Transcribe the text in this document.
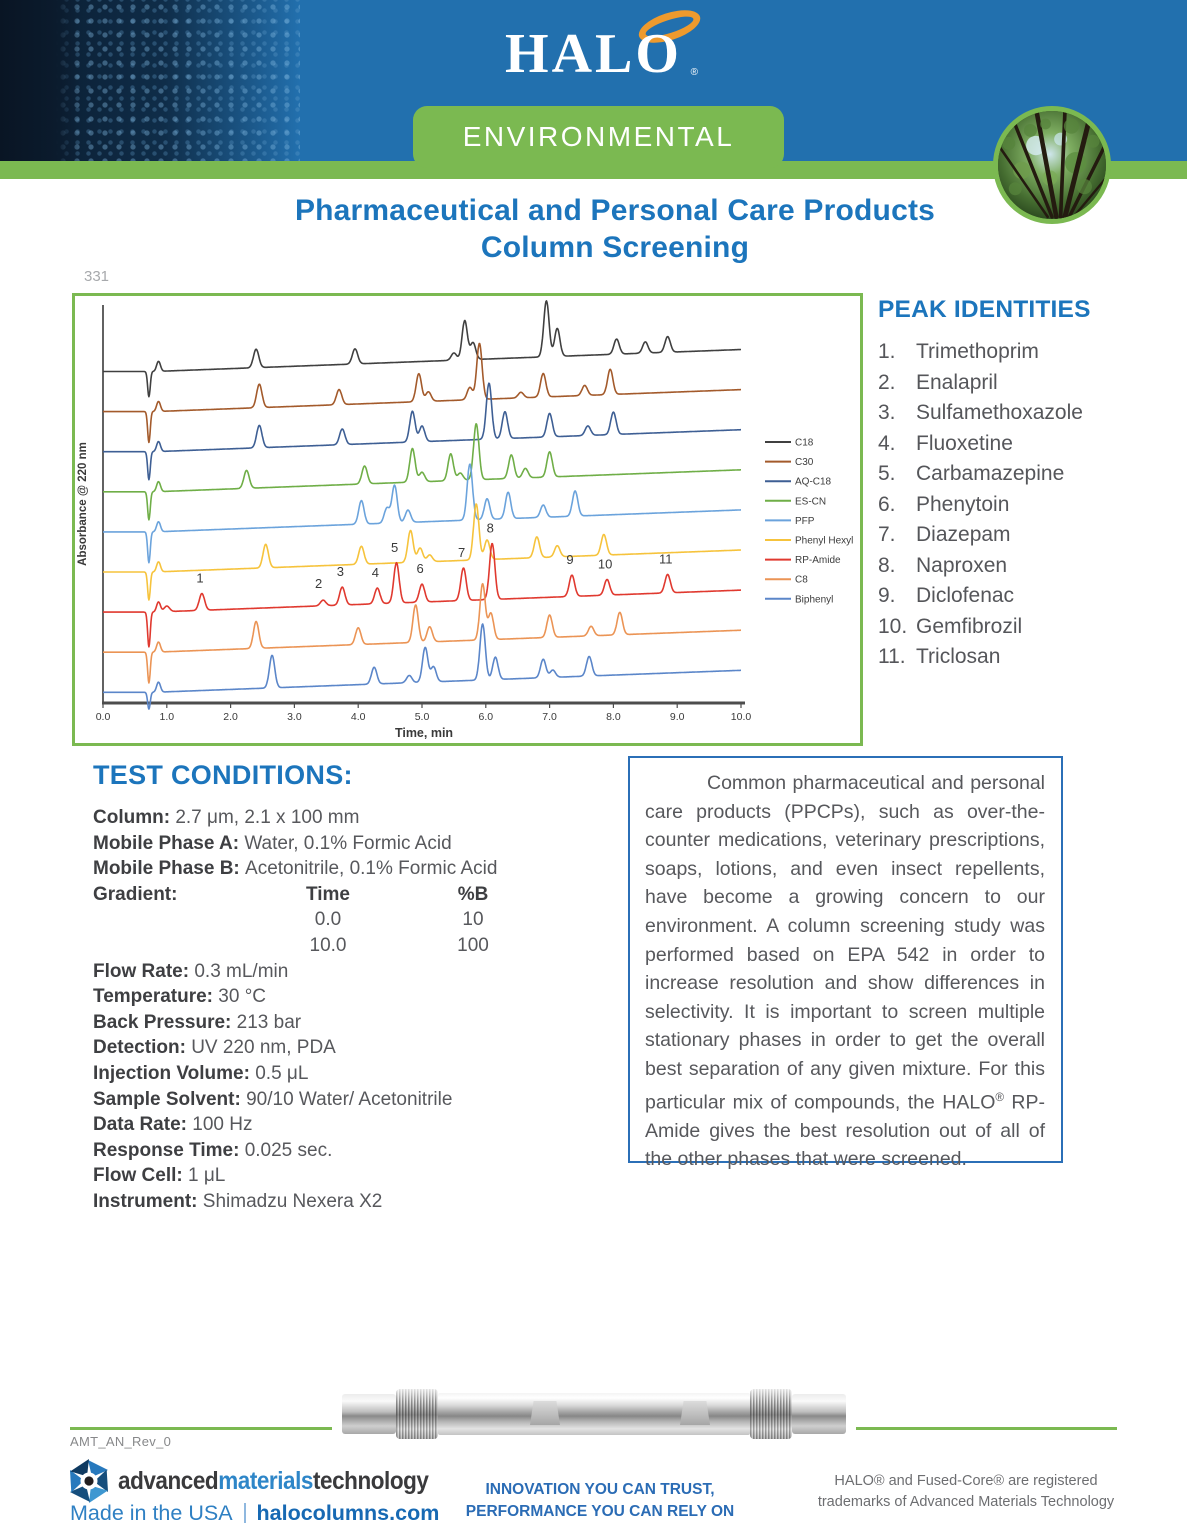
HALO ®
ENVIRONMENTAL
Pharmaceutical and Personal Care Products
Column Screening
331
0.0	1.0	2.0	3.0	4.0	5.0	6.0	7.0	8.0	9.0	10.0
Time, min
Absorbance @ 220 nm	C18
C30
AQ-C18
ES-CN
PFP
Phenyl Hexyl
RP-Amide
C8
Biphenyl
1	2
3 4
5
6
7
8
9 10	11
PEAK IDENTITIES
1. Trimethoprim
2. Enalapril
3. Sulfamethoxazole
4. Fluoxetine
5. Carbamazepine
6. Phenytoin
7. Diazepam
8. Naproxen
9. Diclofenac
10. Gemfibrozil
11. Triclosan
TEST CONDITIONS:
Column: 2.7 μm, 2.1 x 100 mm
Mobile Phase A: Water, 0.1% Formic Acid
Mobile Phase B: Acetonitrile, 0.1% Formic Acid
Gradient:	Time	%B
0.0	10
10.0	100
Flow Rate: 0.3 mL/min
Temperature: 30 °C
Back Pressure: 213 bar
Detection: UV 220 nm, PDA
Injection Volume: 0.5 μL
Sample Solvent: 90/10 Water/ Acetonitrile
Data Rate: 100 Hz
Response Time: 0.025 sec.
Flow Cell: 1 μL
Instrument: Shimadzu Nexera X2

Common pharmaceutical and personal care products (PPCPs), such as over-the-counter medications, veterinary prescriptions, soaps, lotions, and even insect repellents, have become a growing concern to our environment. A column screening study was performed based on EPA 542 in order to increase resolution and show differences in selectivity. It is important to screen multiple stationary phases in order to get the overall best separation of any given mixture. For this particular mix of compounds, the HALO® RP-Amide gives the best resolution out of all of the other phases that were screened.

AMT_AN_Rev_0
advancedmaterialstechnology
Made in the USA halocolumns.com
INNOVATION YOU CAN TRUST,
PERFORMANCE YOU CAN RELY ON
HALO® and Fused-Core® are registered
trademarks of Advanced Materials Technology
